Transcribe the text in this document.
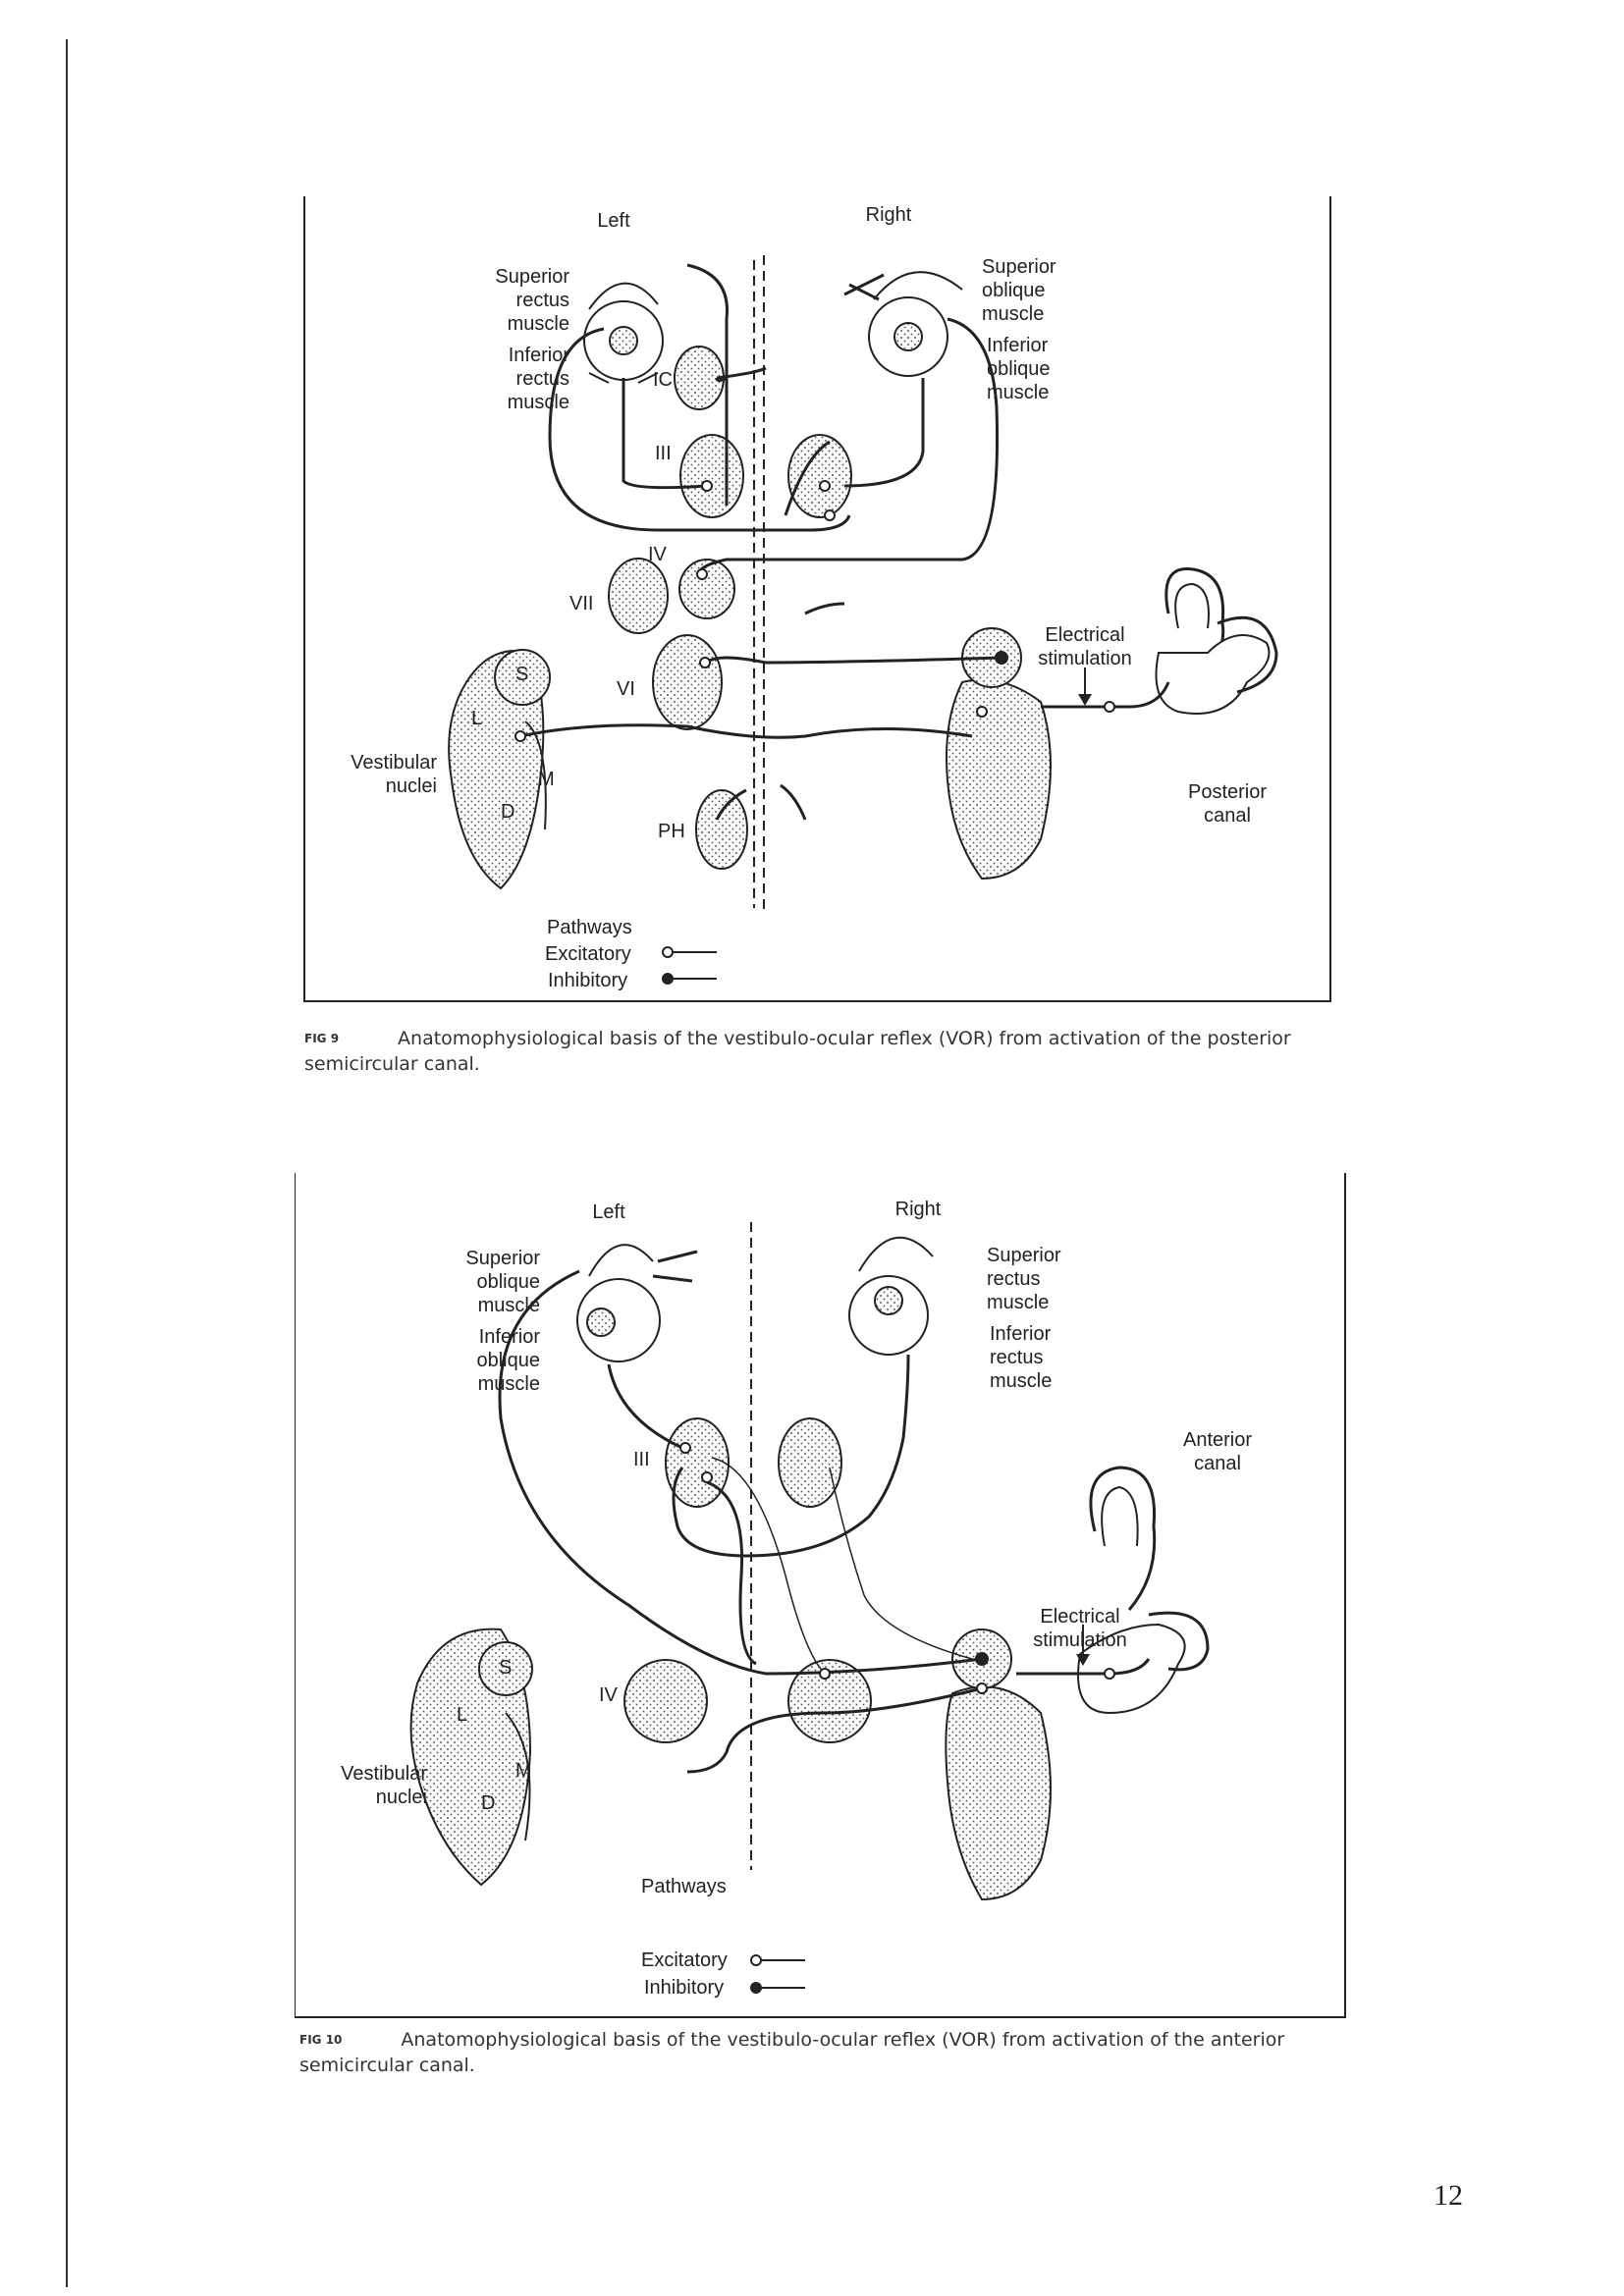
Left	Right
Superior
rectus
muscle
Inferior
rectus
muscle
Superior
oblique
muscle
Inferior
oblique
muscle
IC
III
IV
VII
VI
PH
S
L
M
D
Vestibular
nuclei
Electrical
stimulation
Posterior
canal
Pathways
Excitatory
Inhibitory
FIG 9	Anatomophysiological basis of the vestibulo-ocular reflex (VOR) from activation of the posterior semicircular canal.
Left	Right
Superior
oblique
muscle
Inferior
oblique
muscle
Superior
rectus
muscle
Inferior
rectus
muscle
III
IV
S
L
M
D
Vestibular
nuclei
Electrical
stimulation
Anterior
canal
Pathways
Excitatory
Inhibitory
FIG 10	Anatomophysiological basis of the vestibulo-ocular reflex (VOR) from activation of the anterior semicircular canal.
12
